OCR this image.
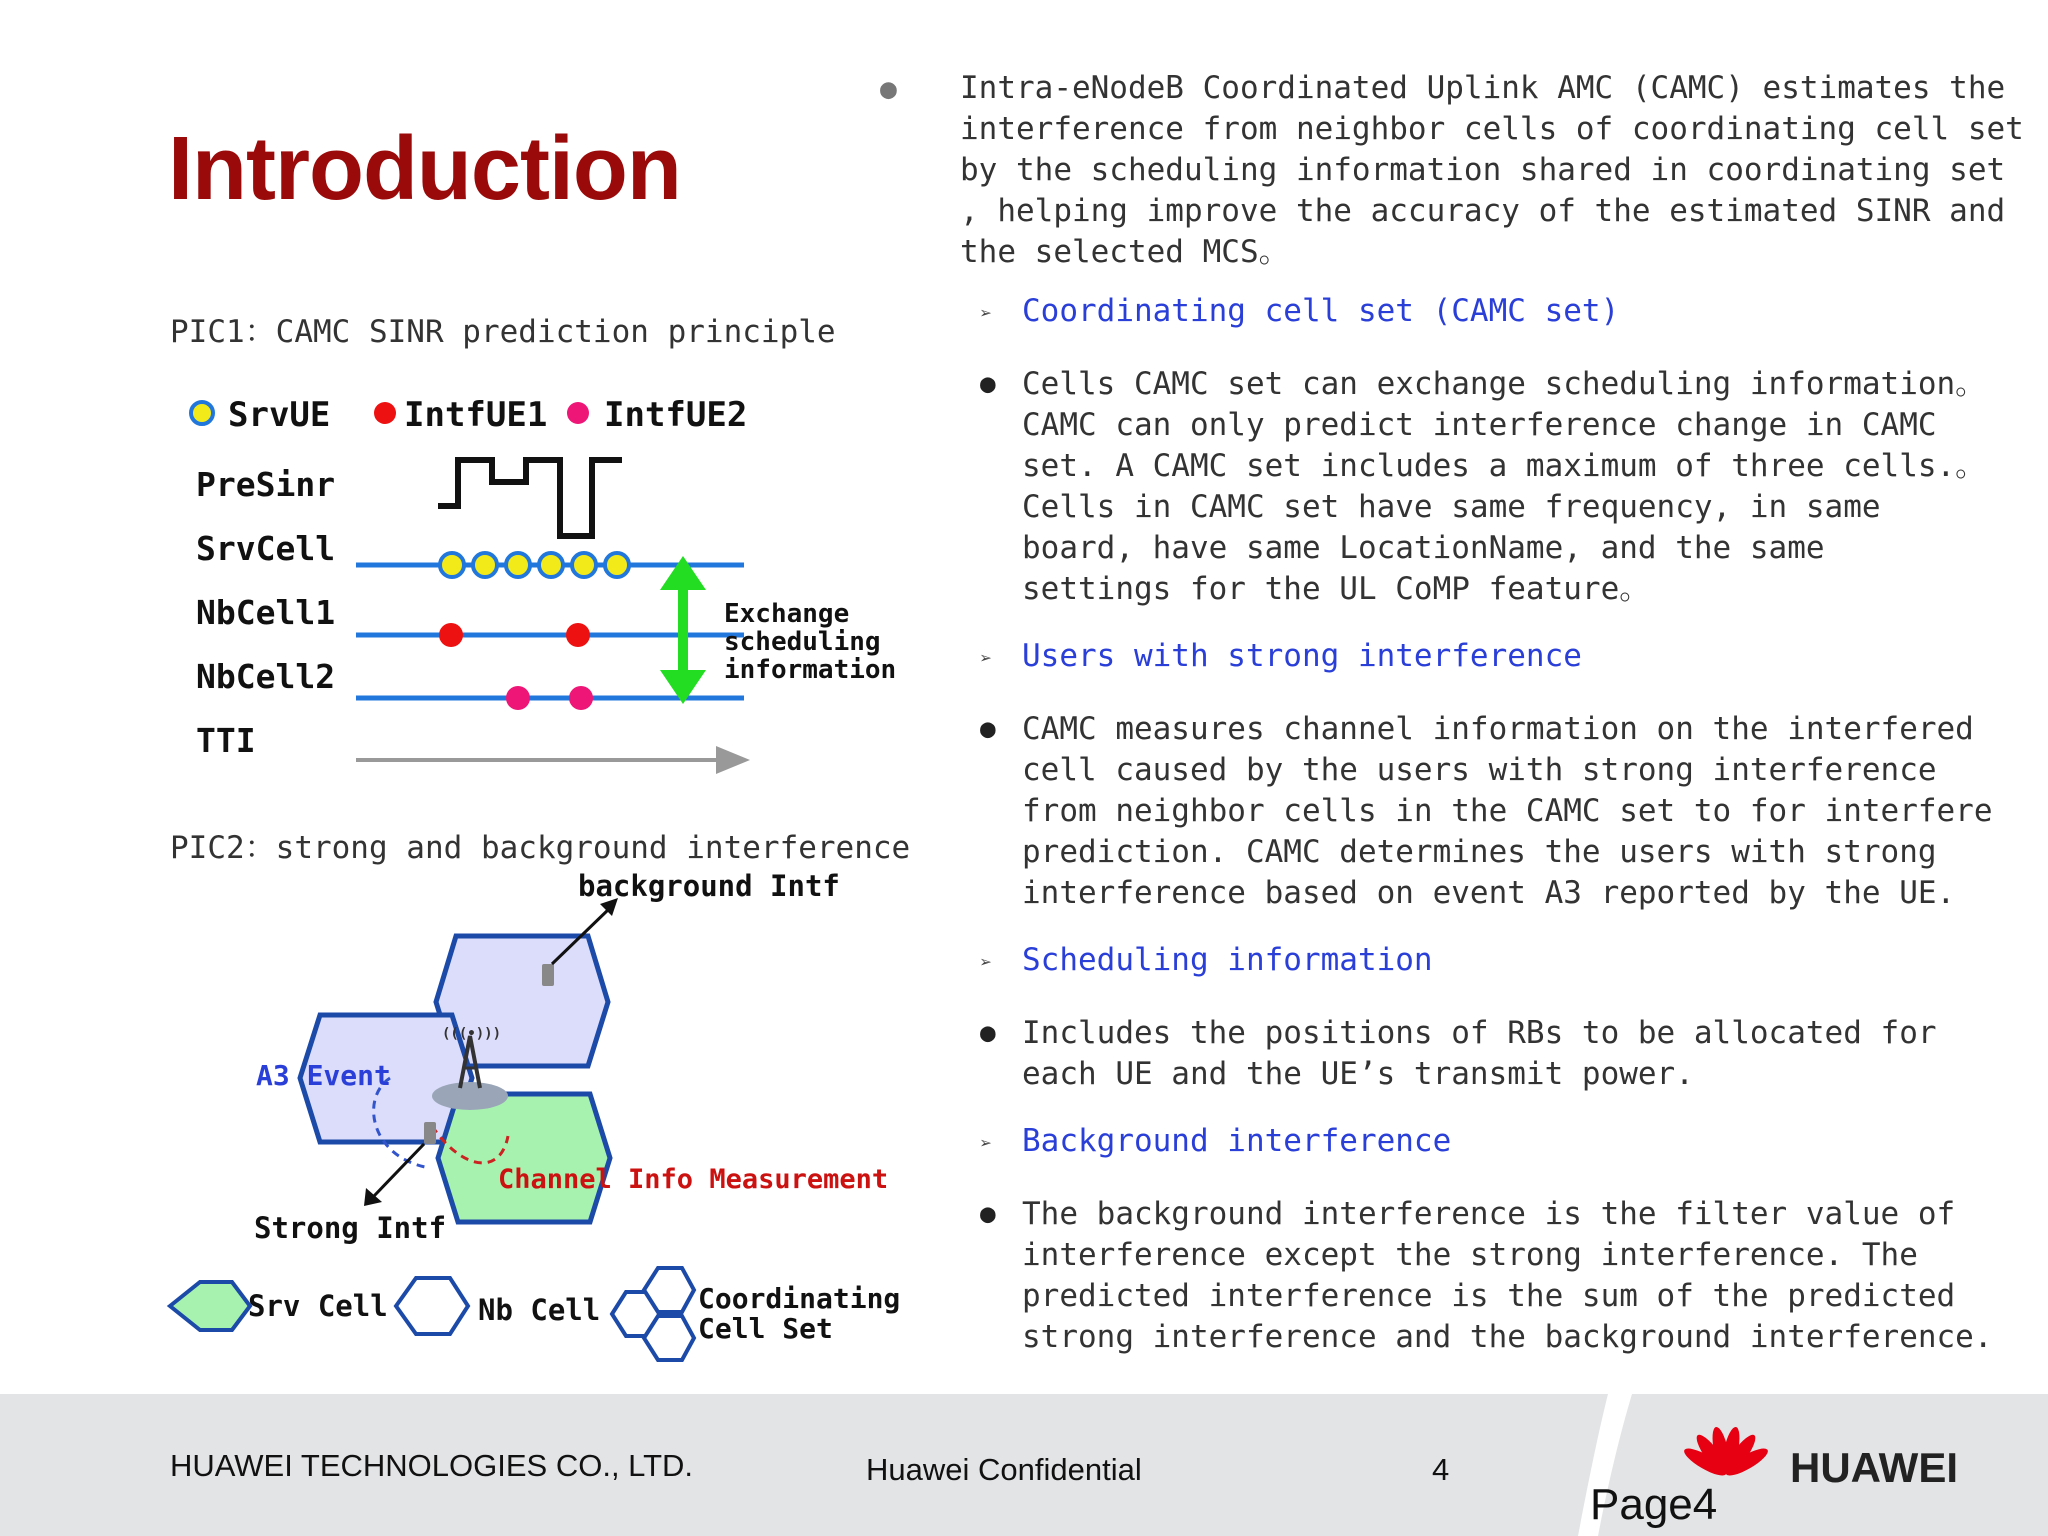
Introduction
PIC1：CAMC SINR prediction principle
SrvUE IntfUE1 IntfUE2
PreSinr
SrvCell
NbCell1
NbCell2
TTI
Exchange
scheduling
information
PIC2：strong and background interference
(((•)))
background Intf
A3 Event
Channel Info Measurement
Strong Intf
Srv Cell	Nb Cell	Coordinating
Cell Set
● Intra-eNodeB Coordinated Uplink AMC (CAMC) estimates the
interference from neighbor cells of coordinating cell set
by the scheduling information shared in coordinating set
, helping improve the accuracy of the estimated SINR and
the selected MCS。
➢ Coordinating cell set (CAMC set)
● Cells CAMC set can exchange scheduling information。
CAMC can only predict interference change in CAMC
set. A CAMC set includes a maximum of three cells.。
Cells in CAMC set have same frequency, in same
board, have same LocationName, and the same
settings for the UL CoMP feature。
➢ Users with strong interference
● CAMC measures channel information on the interfered
cell caused by the users with strong interference
from neighbor cells in the CAMC set to for interfere
prediction. CAMC determines the users with strong
interference based on event A3 reported by the UE.
➢ Scheduling information
● Includes the positions of RBs to be allocated for
each UE and the UE’s transmit power.
➢ Background interference
● The background interference is the filter value of
interference except the strong interference. The
predicted interference is the sum of the predicted
strong interference and the background interference.
HUAWEI TECHNOLOGIES CO., LTD.	Huawei Confidential	4	HUAWEI
Page4
